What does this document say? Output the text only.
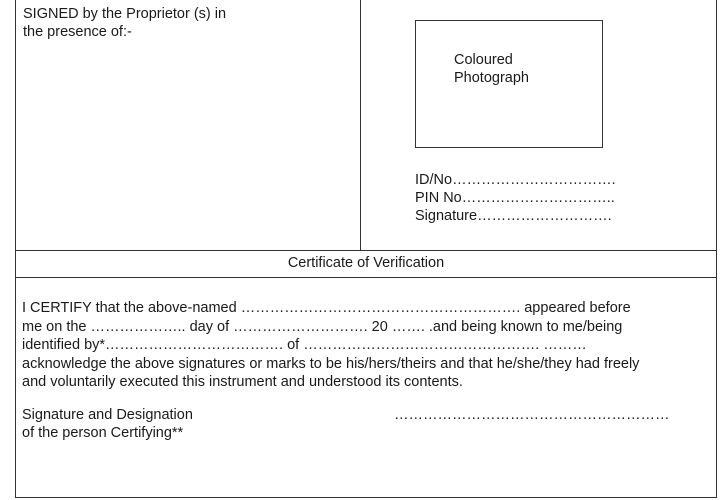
SIGNED by the Proprietor (s) in
the presence of:-
Coloured
Photograph
ID/No…………………………….
PIN No…………………………..
Signature……………………….
Certificate of Verification
I CERTIFY that the above-named …………………………………………………. appeared before
me on the ……………….. day of ………………………. 20 ……. .and being known to me/being
identified by*………………………………. of …………………………………………. ………
acknowledge the above signatures or marks to be his/hers/theirs and that he/she/they had freely
and voluntarily executed this instrument and understood its contents.
Signature and Designation
of the person Certifying**
…………………………………………………
